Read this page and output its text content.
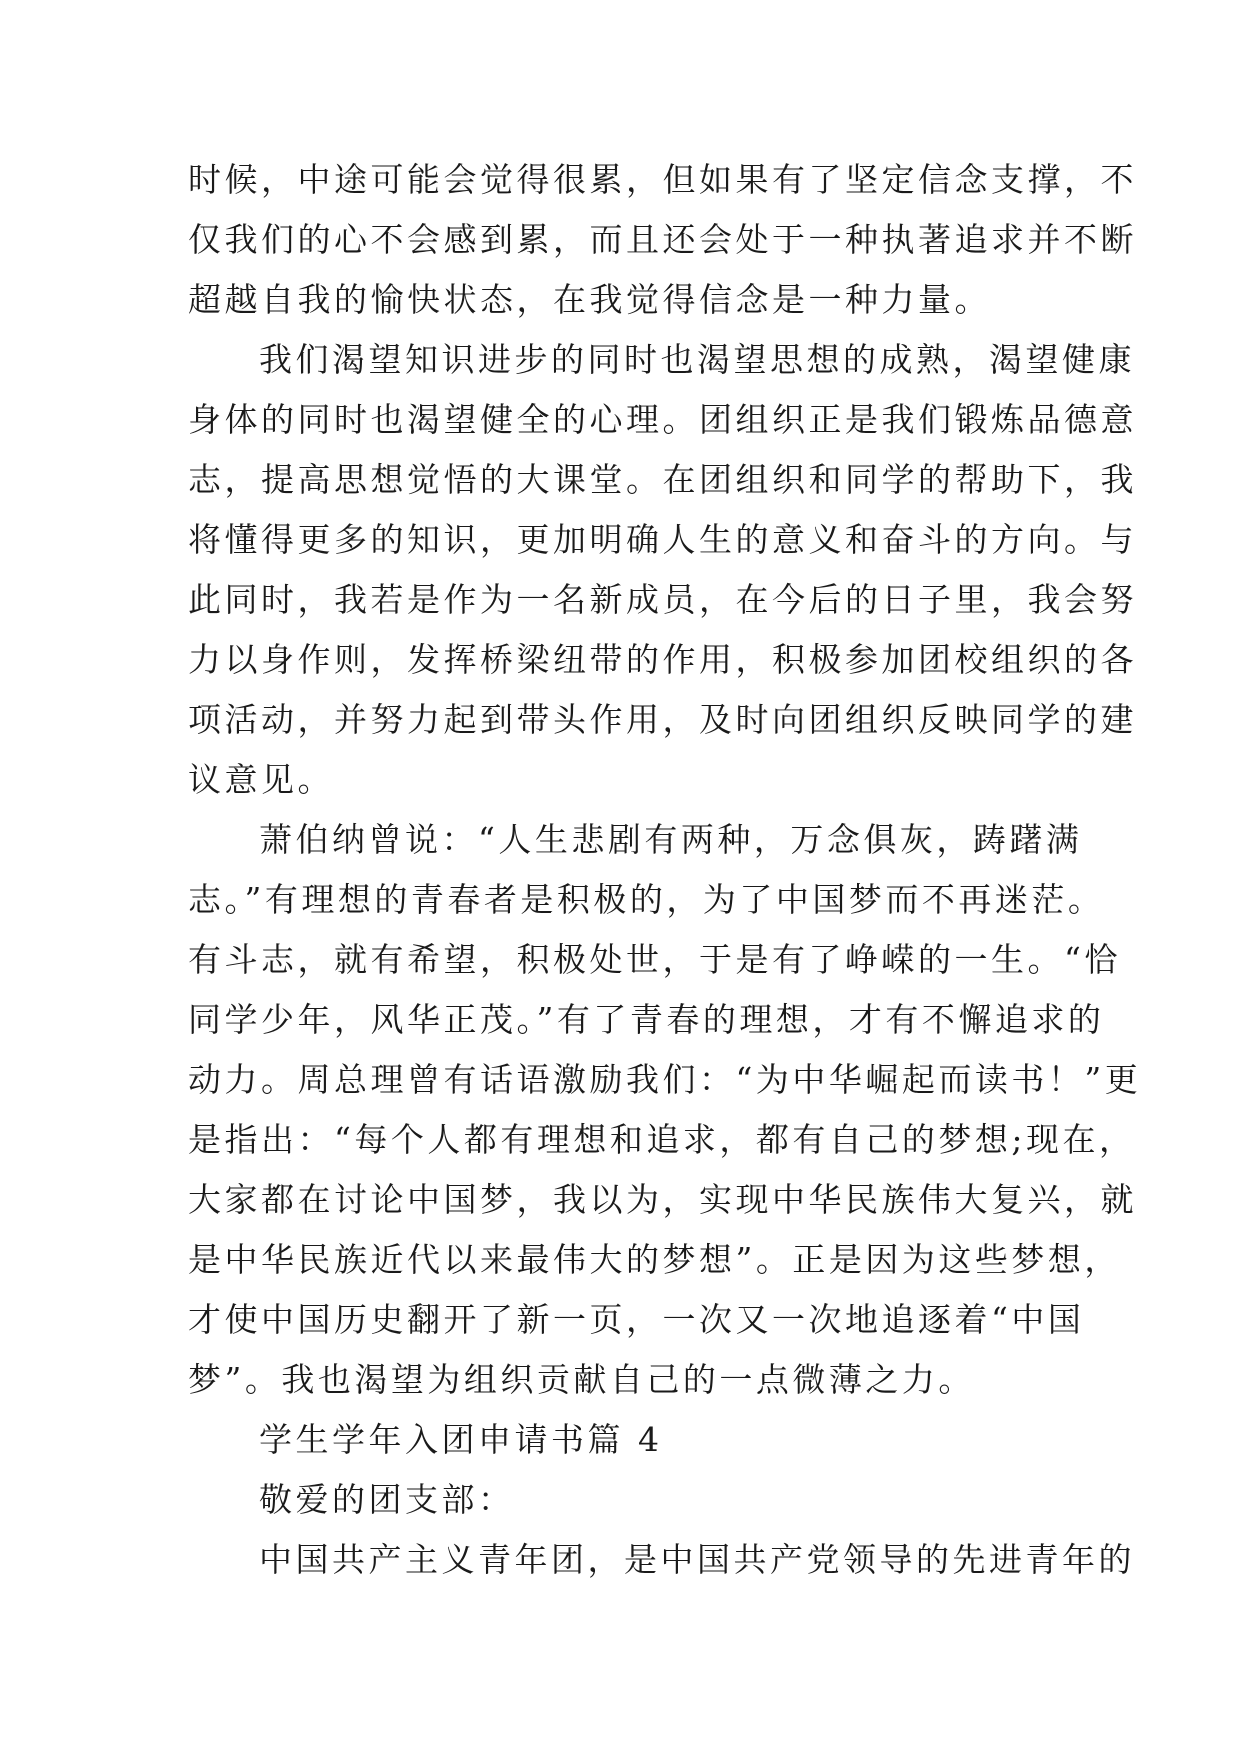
时候，中途可能会觉得很累，但如果有了坚定信念支撑，不
仅我们的心不会感到累，而且还会处于一种执著追求并不断
超越自我的愉快状态，在我觉得信念是一种力量。
我们渴望知识进步的同时也渴望思想的成熟，渴望健康
身体的同时也渴望健全的心理。团组织正是我们锻炼品德意
志，提高思想觉悟的大课堂。在团组织和同学的帮助下，我
将懂得更多的知识，更加明确人生的意义和奋斗的方向。与
此同时，我若是作为一名新成员，在今后的日子里，我会努
力以身作则，发挥桥梁纽带的作用，积极参加团校组织的各
项活动，并努力起到带头作用，及时向团组织反映同学的建
议意见。
萧伯纳曾说：“人生悲剧有两种，万念俱灰，踌躇满
志。”有理想的青春者是积极的，为了中国梦而不再迷茫。
有斗志，就有希望，积极处世，于是有了峥嵘的一生。“恰
同学少年，风华正茂。”有了青春的理想，才有不懈追求的
动力。周总理曾有话语激励我们：“为中华崛起而读书！”更
是指出：“每个人都有理想和追求，都有自己的梦想;现在，
大家都在讨论中国梦，我以为，实现中华民族伟大复兴，就
是中华民族近代以来最伟大的梦想”。正是因为这些梦想，
才使中国历史翻开了新一页，一次又一次地追逐着“中国
梦”。我也渴望为组织贡献自己的一点微薄之力。
学生学年入团申请书篇 4
敬爱的团支部：
中国共产主义青年团，是中国共产党领导的先进青年的
